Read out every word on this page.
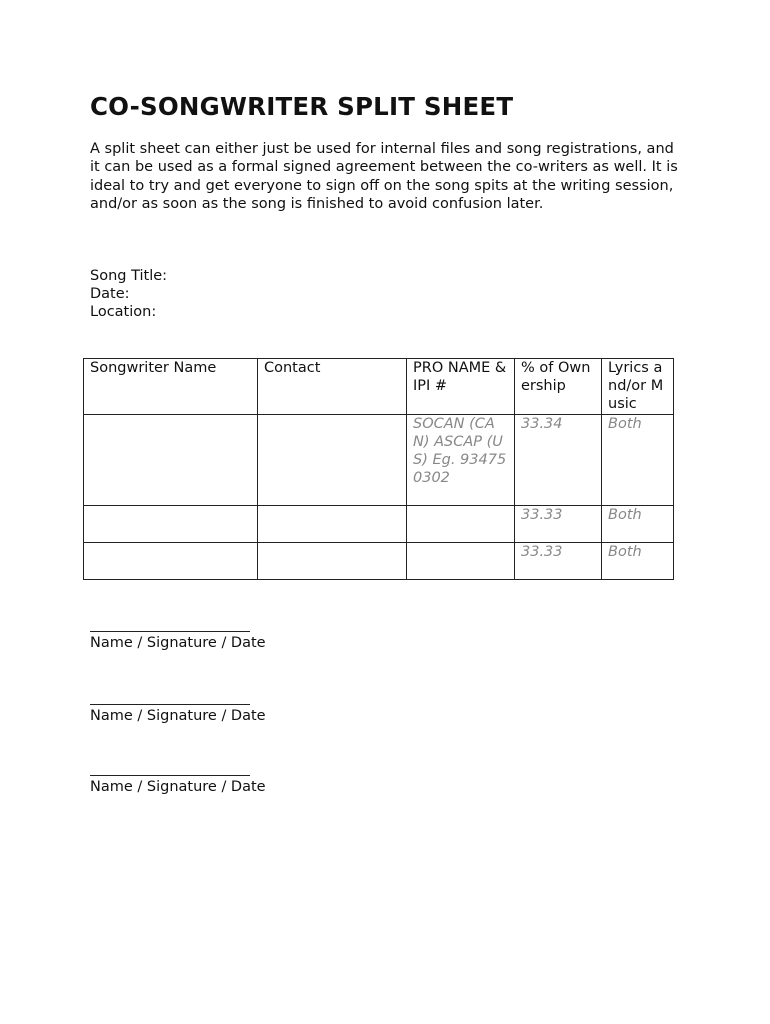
CO-SONGWRITER SPLIT SHEET

A split sheet can either just be used for internal files and song registrations, and it can be used as a formal signed agreement between the co-writers as well. It is ideal to try and get everyone to sign off on the song spits at the writing session, and/or as soon as the song is finished to avoid confusion later.

Song Title:
Date:
Location:
Songwriter Name	Contact	PRO NAME & IPI #	% of Ownership	Lyrics and/or Music
		SOCAN (CAN) ASCAP (US) Eg. 934750302	33.34	Both
			33.33	Both
			33.33	Both
Name / Signature / Date
Name / Signature / Date
Name / Signature / Date
